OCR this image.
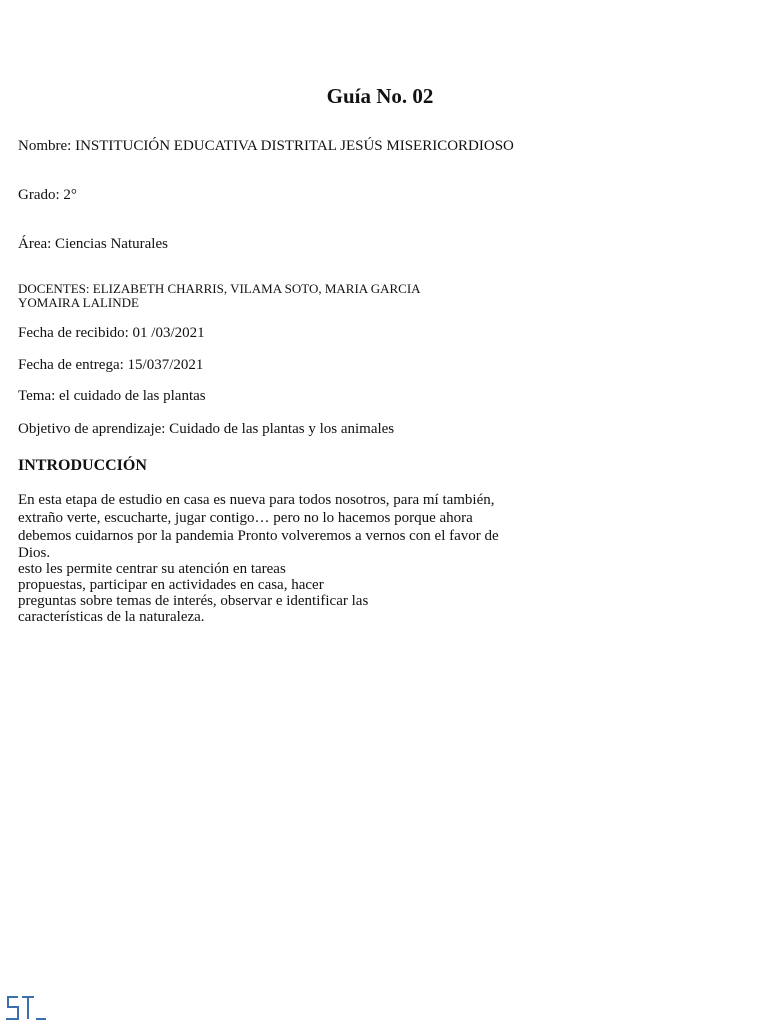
Guía No. 02

Nombre: INSTITUCIÓN EDUCATIVA DISTRITAL JESÚS MISERICORDIOSO

Grado: 2°

Área: Ciencias Naturales

DOCENTES: ELIZABETH CHARRIS, VILAMA SOTO, MARIA GARCIA

YOMAIRA LALINDE

Fecha de recibido: 01 /03/2021

Fecha de entrega: 15/037/2021

Tema: el cuidado de las plantas

Objetivo de aprendizaje: Cuidado de las plantas y los animales

INTRODUCCIÓN
En esta etapa de estudio en casa es nueva para todos nosotros, para mí también,
extraño verte, escucharte, jugar contigo… pero no lo hacemos porque ahora
debemos cuidarnos por la pandemia Pronto volveremos a vernos con el favor de
Dios.
esto les permite centrar su atención en tareas
propuestas, participar en actividades en casa, hacer
preguntas sobre temas de interés, observar e identificar las
características de la naturaleza.
